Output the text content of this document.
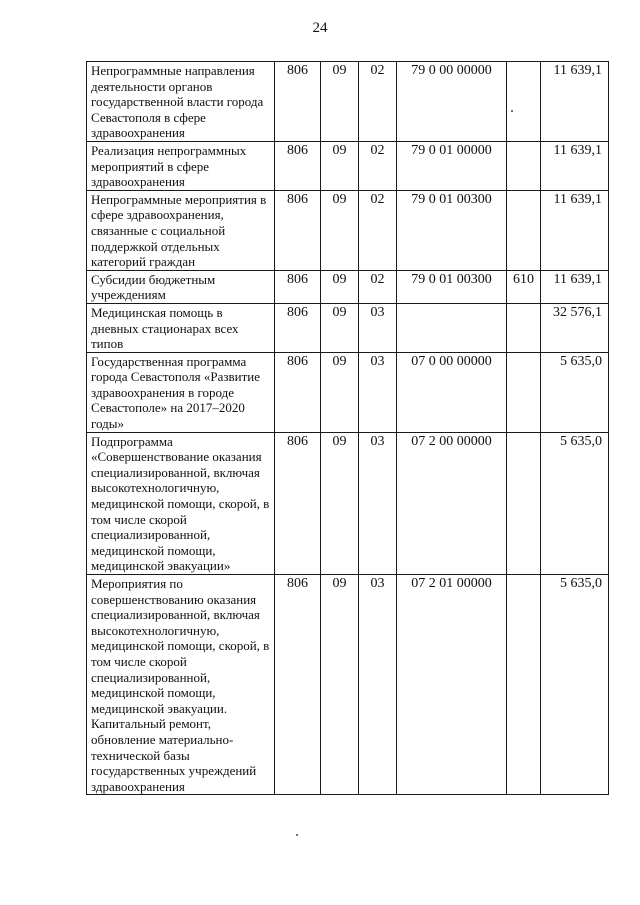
24
Непрограммные направления деятельности органов государственной власти города Севастополя в сфере здравоохранения	806	09	02	79 0 00 00000		11 639,1
Реализация непрограммных мероприятий в сфере здравоохранения	806	09	02	79 0 01 00000		11 639,1
Непрограммные мероприятия в сфере здравоохранения, связанные с социальной поддержкой отдельных категорий граждан	806	09	02	79 0 01 00300		11 639,1
Субсидии бюджетным учреждениям	806	09	02	79 0 01 00300	610	11 639,1
Медицинская помощь в дневных стационарах всех типов	806	09	03			32 576,1
Государственная программа города Севастополя «Развитие здравоохранения в городе Севастополе» на 2017–2020 годы»	806	09	03	07 0 00 00000		5 635,0
Подпрограмма «Совершенствование оказания специализированной, включая высокотехнологичную, медицинской помощи, скорой, в том числе скорой специализированной, медицинской помощи, медицинской эвакуации»	806	09	03	07 2 00 00000		5 635,0
Мероприятия по совершенствованию оказания специализированной, включая высокотехнологичную, медицинской помощи, скорой, в том числе скорой специализированной, медицинской помощи, медицинской эвакуации. Капитальный ремонт, обновление материально-технической базы государственных учреждений здравоохранения	806	09	03	07 2 01 00000		5 635,0
